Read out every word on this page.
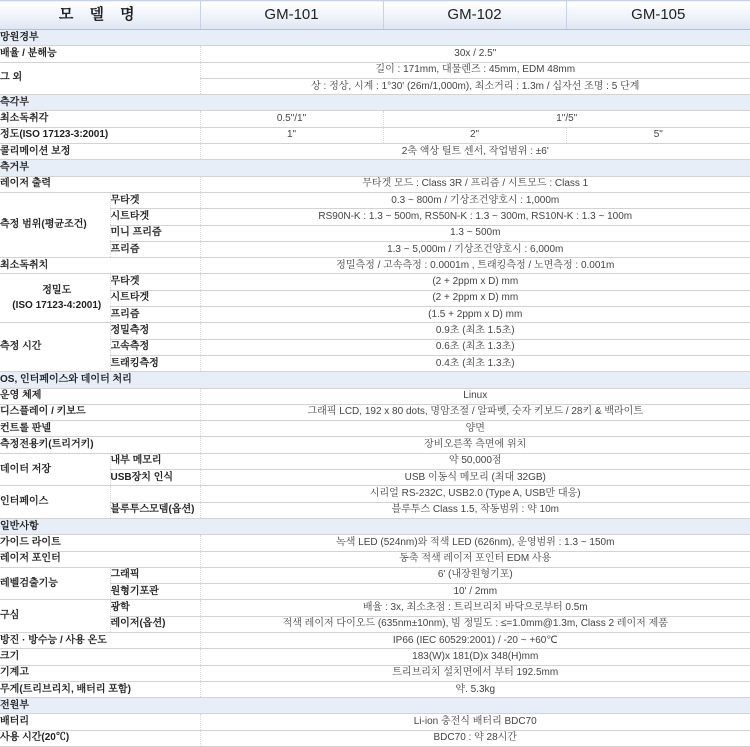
모 델 명		GM-101	GM-102	GM-105
망원경부				
배율 / 분해능		30x / 2.5"		
그 외		길이 : 171mm, 대물렌즈 : 45mm, EDM 48mm		
		상 : 정상, 시계 : 1°30' (26m/1,000m), 최소거리 : 1.3m / 십자선 조명 : 5 단계		
측각부				
최소독취각		0.5"/1"	1"/5"	
정도(ISO 17123-3:2001)		1"	2"	5"
콜리메이션 보정		2축 액상 틸트 센서, 작업범위 : ±6'		
측거부				
레이저 출력		무타겟 모드 : Class 3R / 프리즘 / 시트모드 : Class 1		
측정 범위(평균조건)	무타겟	0.3 ~ 800m / 기상조건양호시 : 1,000m		
	시트타겟	RS90N-K : 1.3 ~ 500m, RS50N-K : 1.3 ~ 300m, RS10N-K : 1.3 ~ 100m		
	미니 프리즘	1.3 ~ 500m		
	프리즘	1.3 ~ 5,000m / 기상조건양호시 : 6,000m		
최소독취치		정밀측정 / 고속측정 : 0.0001m , 트래킹측정 / 노면측정 : 0.001m		

정밀도
(ISO 17123-4:2001)	무타겟	(2 + 2ppm x D) mm		
	시트타겟	(2 + 2ppm x D) mm		
	프리즘	(1.5 + 2ppm x D) mm		
측정 시간	정밀측정	0.9초 (최초 1.5초)		
	고속측정	0.6초 (최초 1.3초)		
	트래킹측정	0.4초 (최초 1.3초)		
OS, 인터페이스와 데이터 처리				
운영 체제		Linux		
디스플레이 / 키보드		그래픽 LCD, 192 x 80 dots, 명암조절 / 알파벳, 숫자 키보드 / 28키 & 백라이트		
컨트롤 판넬		양면		
측정전용키(트리거키)		장비오른쪽 측면에 위치		
데이터 저장	내부 메모리	약 50,000점		
	USB장치 인식	USB 이동식 메모리 (최대 32GB)		
인터페이스		시리얼 RS-232C, USB2.0 (Type A, USB만 대응)		
	블루투스모뎀(옵션)	블루투스 Class 1.5, 작동범위 : 약 10m		
일반사항				
가이드 라이트		녹색 LED (524nm)와 적색 LED (626nm), 운영범위 : 1.3 ~ 150m		
레이저 포인터		동축 적색 레이저 포인터 EDM 사용		
레벨검출기능	그래픽	6' (내장원형기포)		
	원형기포관	10' / 2mm		
구심	광학	배율 : 3x, 최소초점 : 트리브리치 바닥으로부터 0.5m		
	레이저(옵션)	적색 레이저 다이오드 (635nm±10nm), 빔 정밀도 : ≤=1.0mm@1.3m, Class 2 레이저 제품		
방진 · 방수능 / 사용 온도		IP66 (IEC 60529:2001) / -20 ~ +60℃		
크기		183(W)x 181(D)x 348(H)mm		
기계고		트리브리치 설치면에서 부터 192.5mm		
무게(트리브리치, 배터리 포함)		약. 5.3kg		
전원부				
배터리		Li-ion 충전식 배터리 BDC70		
사용 시간(20℃)		BDC70 : 약 28시간		
